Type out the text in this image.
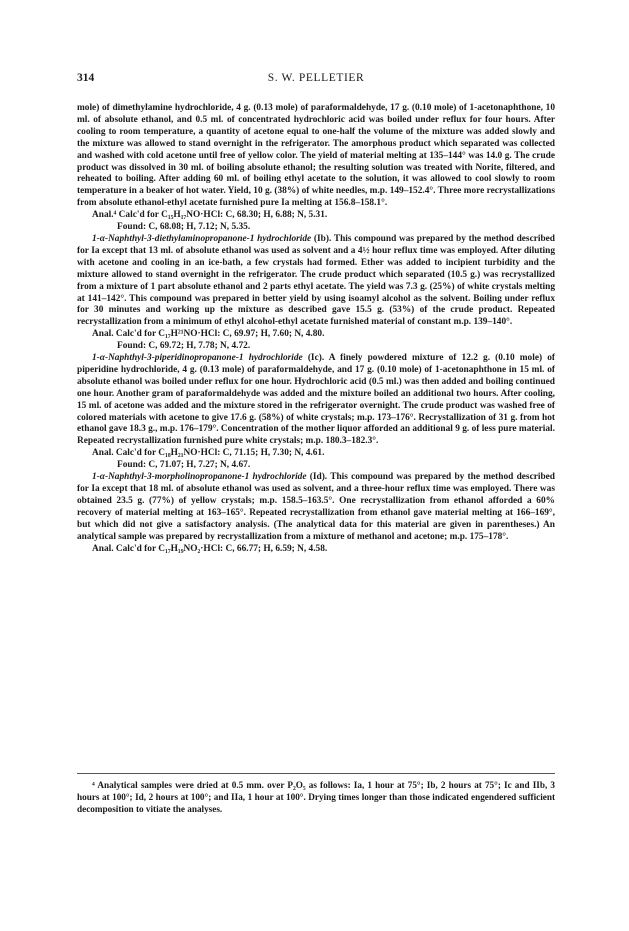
314	S. W. PELLETIER

mole) of dimethylamine hydrochloride, 4 g. (0.13 mole) of paraformaldehyde, 17 g. (0.10 mole) of 1-acetonaphthone, 10 ml. of absolute ethanol, and 0.5 ml. of concentrated hydrochloric acid was boiled under reflux for four hours. After cooling to room temperature, a quantity of acetone equal to one-half the volume of the mixture was added slowly and the mixture was allowed to stand overnight in the refrigerator. The amorphous product which separated was collected and washed with cold acetone until free of yellow color. The yield of material melting at 135–144° was 14.0 g. The crude product was dissolved in 30 ml. of boiling absolute ethanol; the resulting solution was treated with Norite, filtered, and reheated to boiling. After adding 60 ml. of boiling ethyl acetate to the solution, it was allowed to cool slowly to room temperature in a beaker of hot water. Yield, 10 g. (38%) of white needles, m.p. 149–152.4°. Three more recrystallizations from absolute ethanol-ethyl acetate furnished pure Ia melting at 156.8–158.1°.

Anal.⁴ Calc'd for C₁₅H₁₇NO·HCl: C, 68.30; H, 6.88; N, 5.31.

Found: C, 68.08; H, 7.12; N, 5.35.

1-α-Naphthyl-3-diethylaminopropanone-1 hydrochloride (Ib). This compound was prepared by the method described for Ia except that 13 ml. of absolute ethanol was used as solvent and a 4½ hour reflux time was employed. After diluting with acetone and cooling in an ice-bath, a few crystals had formed. Ether was added to incipient turbidity and the mixture allowed to stand overnight in the refrigerator. The crude product which separated (10.5 g.) was recrystallized from a mixture of 1 part absolute ethanol and 2 parts ethyl acetate. The yield was 7.3 g. (25%) of white crystals melting at 141–142°. This compound was prepared in better yield by using isoamyl alcohol as the solvent. Boiling under reflux for 30 minutes and working up the mixture as described gave 15.5 g. (53%) of the crude product. Repeated recrystallization from a minimum of ethyl alcohol-ethyl acetate furnished material of constant m.p. 139–140°.

Anal. Calc'd for C₁₇H²¹NO·HCl: C, 69.97; H, 7.60; N, 4.80.

Found: C, 69.72; H, 7.78; N, 4.72.

1-α-Naphthyl-3-piperidinopropanone-1 hydrochloride (Ic). A finely powdered mixture of 12.2 g. (0.10 mole) of piperidine hydrochloride, 4 g. (0.13 mole) of paraformaldehyde, and 17 g. (0.10 mole) of 1-acetonaphthone in 15 ml. of absolute ethanol was boiled under reflux for one hour. Hydrochloric acid (0.5 ml.) was then added and boiling continued one hour. Another gram of paraformaldehyde was added and the mixture boiled an additional two hours. After cooling, 15 ml. of acetone was added and the mixture stored in the refrigerator overnight. The crude product was washed free of colored materials with acetone to give 17.6 g. (58%) of white crystals; m.p. 173–176°. Recrystallization of 31 g. from hot ethanol gave 18.3 g., m.p. 176–179°. Concentration of the mother liquor afforded an additional 9 g. of less pure material. Repeated recrystallization furnished pure white crystals; m.p. 180.3–182.3°.

Anal. Calc'd for C₁₈H₂₁NO·HCl: C, 71.15; H, 7.30; N, 4.61.

Found: C, 71.07; H, 7.27; N, 4.67.

1-α-Naphthyl-3-morpholinopropanone-1 hydrochloride (Id). This compound was prepared by the method described for Ia except that 18 ml. of absolute ethanol was used as solvent, and a three-hour reflux time was employed. There was obtained 23.5 g. (77%) of yellow crystals; m.p. 158.5–163.5°. One recrystallization from ethanol afforded a 60% recovery of material melting at 163–165°. Repeated recrystallization from ethanol gave material melting at 166–169°, but which did not give a satisfactory analysis. (The analytical data for this material are given in parentheses.) An analytical sample was prepared by recrystallization from a mixture of methanol and acetone; m.p. 175–178°.

Anal. Calc'd for C₁₇H₁₉NO₂·HCl: C, 66.77; H, 6.59; N, 4.58.

⁴ Analytical samples were dried at 0.5 mm. over P₂O₅ as follows: Ia, 1 hour at 75°; Ib, 2 hours at 75°; Ic and IIb, 3 hours at 100°; Id, 2 hours at 100°; and IIa, 1 hour at 100°. Drying times longer than those indicated engendered sufficient decomposition to vitiate the analyses.
